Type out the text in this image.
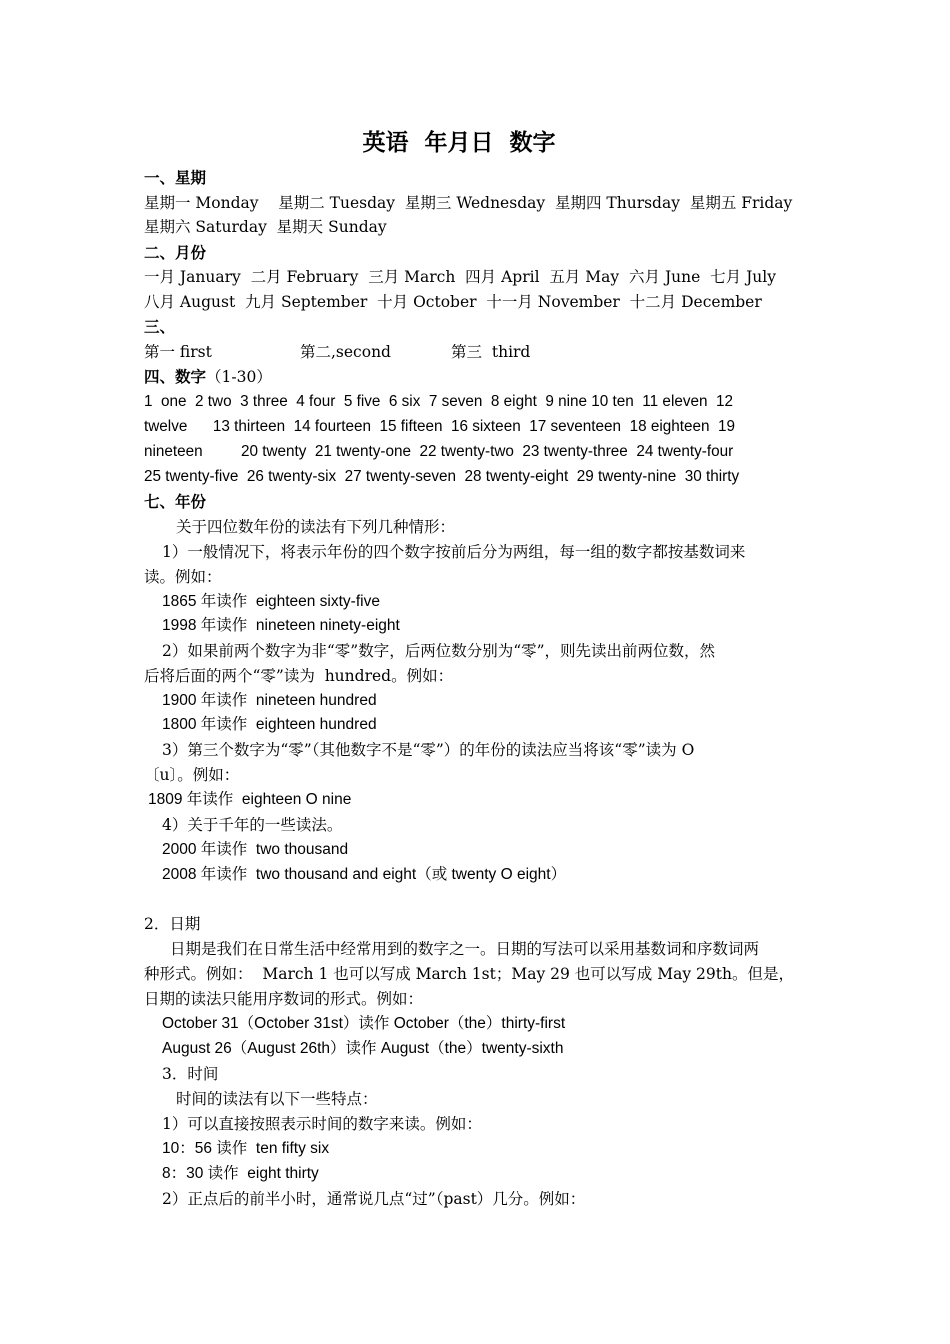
英语  年月日  数字
一、星期
星期一 Monday    星期二 Tuesday  星期三 Wednesday  星期四 Thursday  星期五 Friday
星期六 Saturday  星期天 Sunday
二、月份
一月 January  二月 February  三月 March  四月 April  五月 May  六月 June  七月 July
八月 August  九月 September  十月 October  十一月 November  十二月 December
三、
第一 first	第二,second	第三  third
四、数字（1-30）
1  one  2 two  3 three  4 four  5 five  6 six  7 seven  8 eight  9 nine 10 ten  11 eleven  12
twelve      13 thirteen  14 fourteen  15 fifteen  16 sixteen  17 seventeen  18 eighteen  19
nineteen         20 twenty  21 twenty-one  22 twenty-two  23 twenty-three  24 twenty-four
25 twenty-five  26 twenty-six  27 twenty-seven  28 twenty-eight  29 twenty-nine  30 thirty
七、年份
关于四位数年份的读法有下列几种情形：
1）一般情况下，将表示年份的四个数字按前后分为两组，每一组的数字都按基数词来
读。例如：
1865 年读作  eighteen sixty-five
1998 年读作  nineteen ninety-eight
2）如果前两个数字为非“零”数字，后两位数分别为“零”，则先读出前两位数，然
后将后面的两个“零”读为  hundred。例如：
1900 年读作  nineteen hundred
1800 年读作  eighteen hundred
3）第三个数字为“零”（其他数字不是“零”）的年份的读法应当将该“零”读为 O
〔u〕。例如：
1809 年读作  eighteen O nine
4）关于千年的一些读法。
2000 年读作  two thousand
2008 年读作  two thousand and eight（或 twenty O eight）
2．日期
日期是我们在日常生活中经常用到的数字之一。日期的写法可以采用基数词和序数词两
种形式。例如：  March 1 也可以写成 March 1st；May 29 也可以写成 May 29th。但是，
日期的读法只能用序数词的形式。例如：
October 31（October 31st）读作 October（the）thirty-first
August 26（August 26th）读作 August（the）twenty-sixth
3．时间
时间的读法有以下一些特点：
1）可以直接按照表示时间的数字来读。例如：
10：56 读作  ten fifty six
8：30 读作  eight thirty
2）正点后的前半小时，通常说几点“过”（past）几分。例如：
